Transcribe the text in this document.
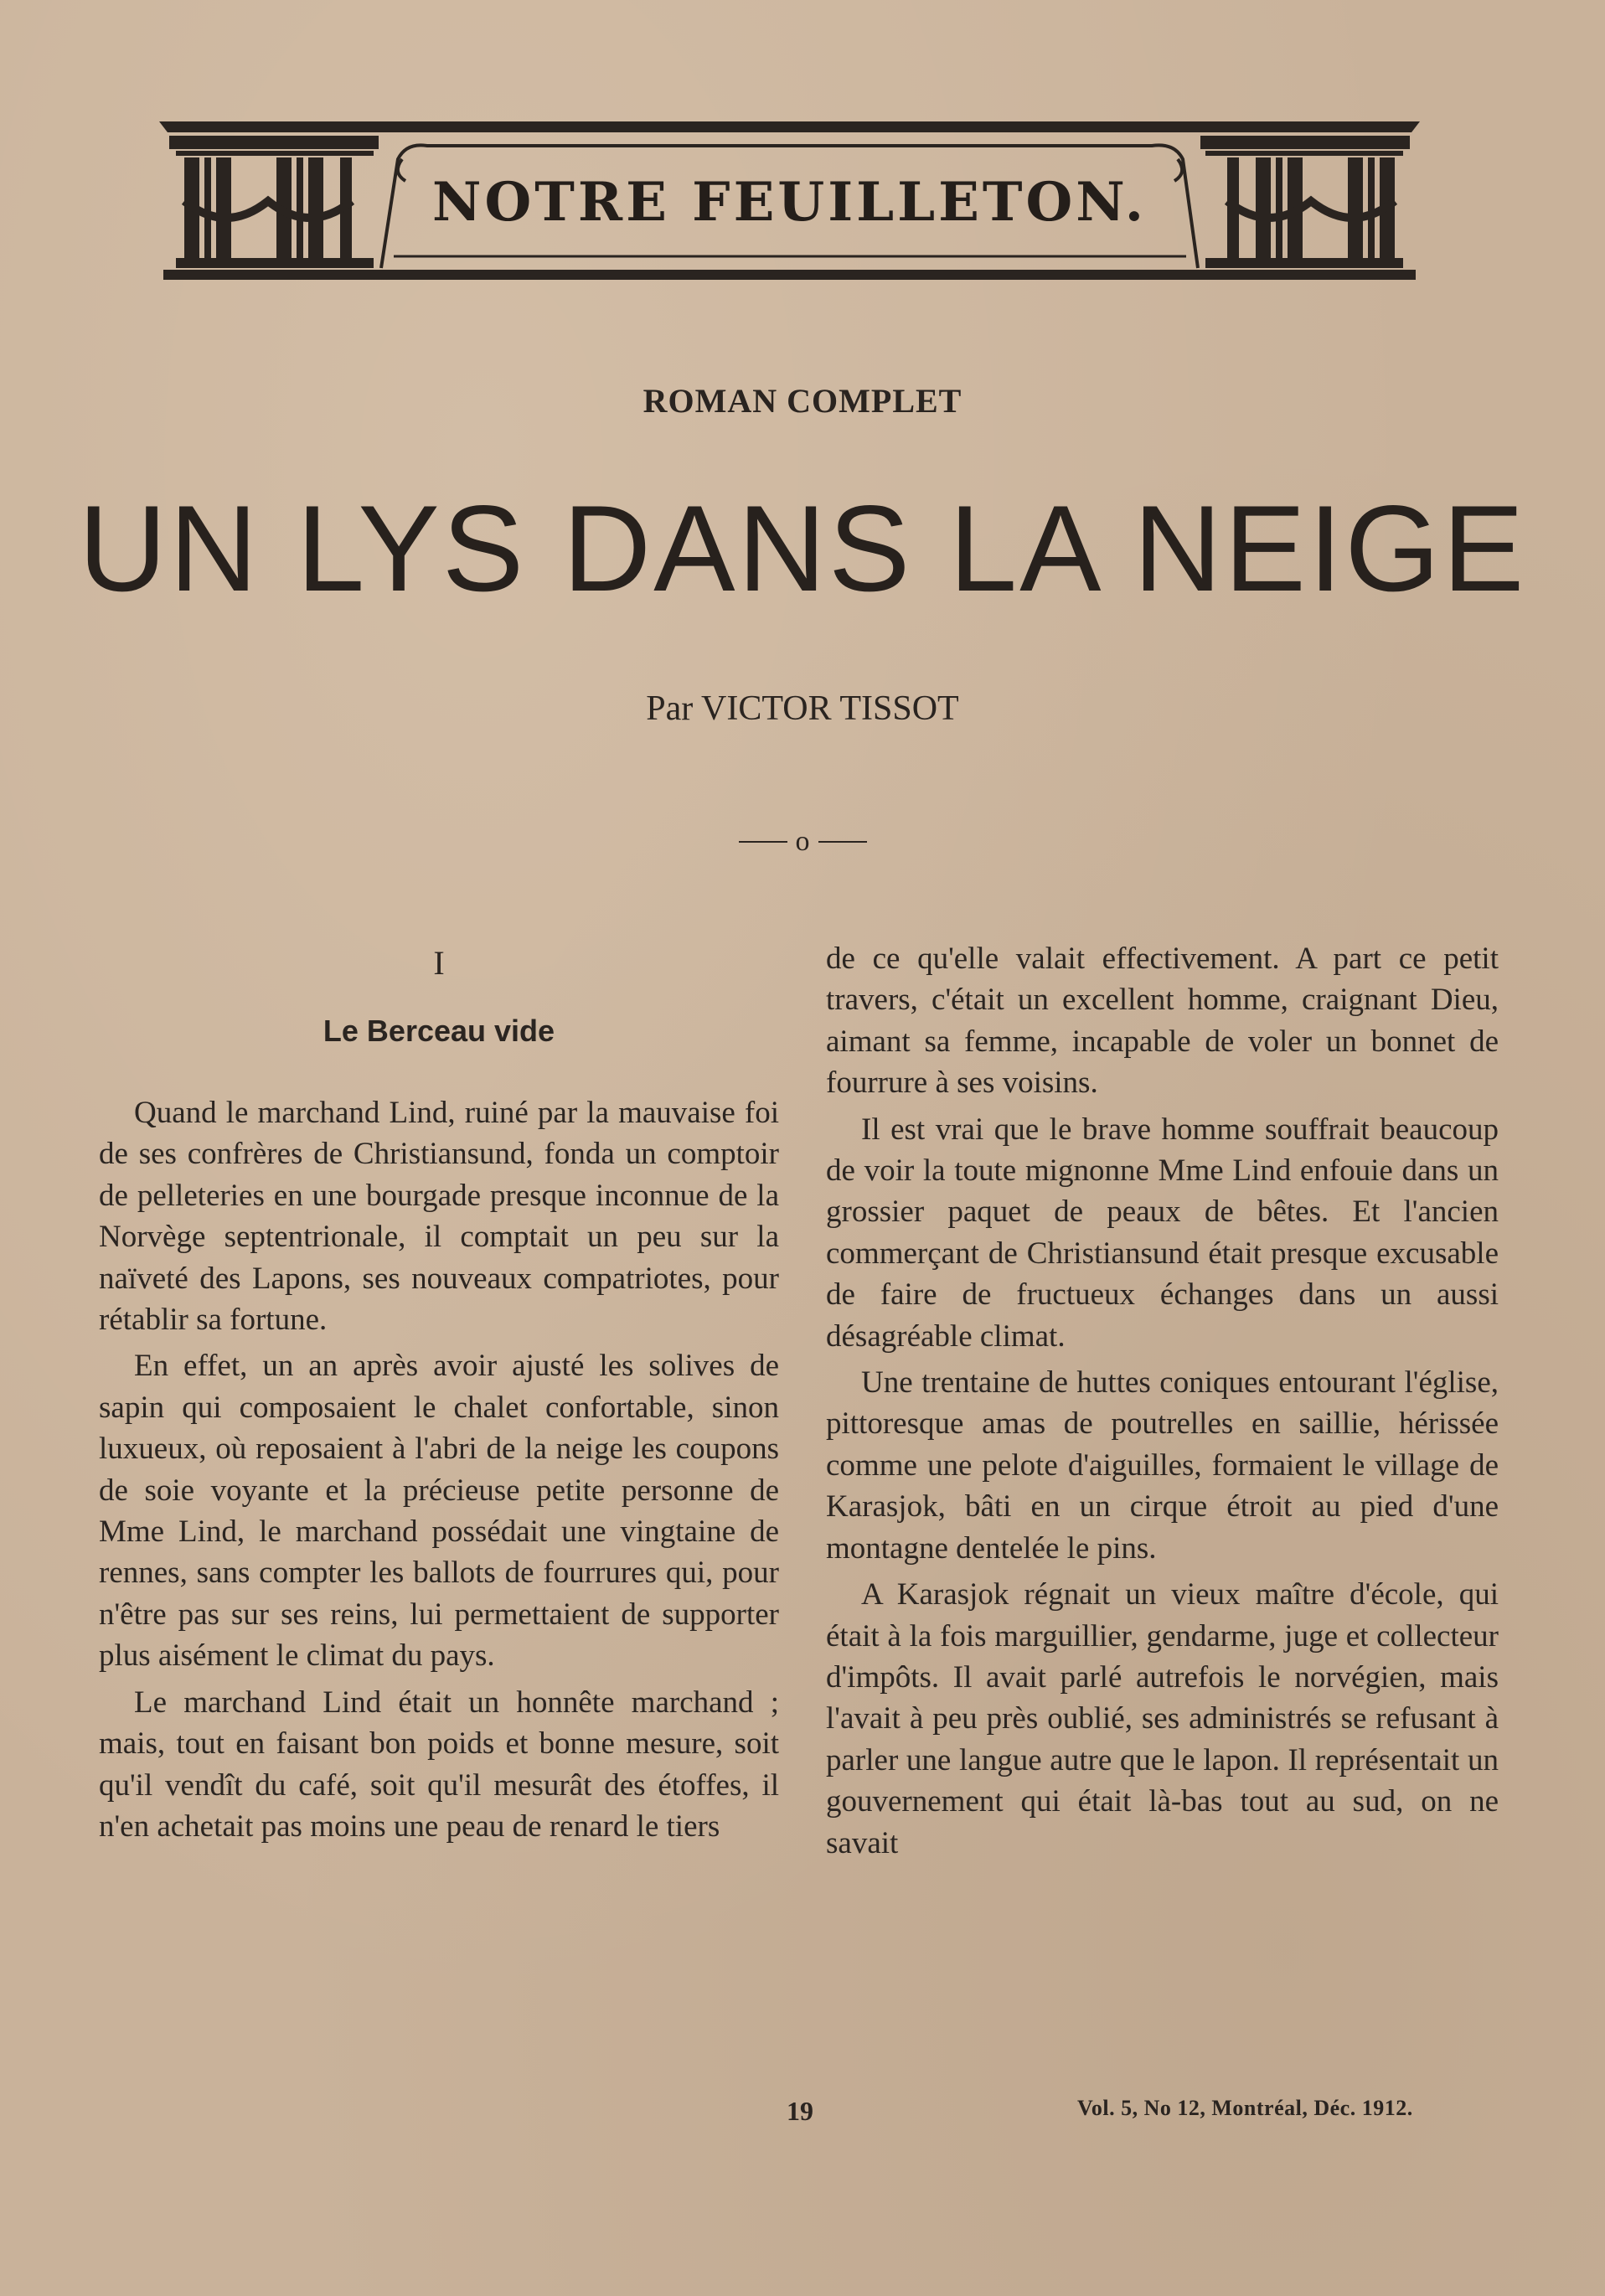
NOTRE FEUILLETON.
ROMAN COMPLET
UN LYS DANS LA NEIGE
Par VICTOR TISSOT
o
I
Le Berceau vide

Quand le marchand Lind, ruiné par la mauvaise foi de ses confrères de Christiansund, fonda un comptoir de pelleteries en une bourgade presque inconnue de la Norvège septentrionale, il comptait un peu sur la naïveté des Lapons, ses nouveaux compatriotes, pour rétablir sa fortune.

En effet, un an après avoir ajusté les solives de sapin qui composaient le chalet confortable, sinon luxueux, où reposaient à l'abri de la neige les coupons de soie voyante et la précieuse petite personne de Mme Lind, le marchand possédait une vingtaine de rennes, sans compter les ballots de fourrures qui, pour n'être pas sur ses reins, lui permettaient de supporter plus aisément le climat du pays.

Le marchand Lind était un honnête marchand ; mais, tout en faisant bon poids et bonne mesure, soit qu'il vendît du café, soit qu'il mesurât des étoffes, il n'en achetait pas moins une peau de renard le tiers

de ce qu'elle valait effectivement. A part ce petit travers, c'était un excellent homme, craignant Dieu, aimant sa femme, incapable de voler un bonnet de fourrure à ses voisins.

Il est vrai que le brave homme souffrait beaucoup de voir la toute mignonne Mme Lind enfouie dans un grossier paquet de peaux de bêtes. Et l'ancien commerçant de Christiansund était presque excusable de faire de fructueux échanges dans un aussi désagréable climat.

Une trentaine de huttes coniques entourant l'église, pittoresque amas de poutrelles en saillie, hérissée comme une pelote d'aiguilles, formaient le village de Karasjok, bâti en un cirque étroit au pied d'une montagne dentelée le pins.

A Karasjok régnait un vieux maître d'école, qui était à la fois marguillier, gendarme, juge et collecteur d'impôts. Il avait parlé autrefois le norvégien, mais l'avait à peu près oublié, ses administrés se refusant à parler une langue autre que le lapon. Il représentait un gouvernement qui était là-bas tout au sud, on ne savait

19	Vol. 5, No 12, Montréal, Déc. 1912.
